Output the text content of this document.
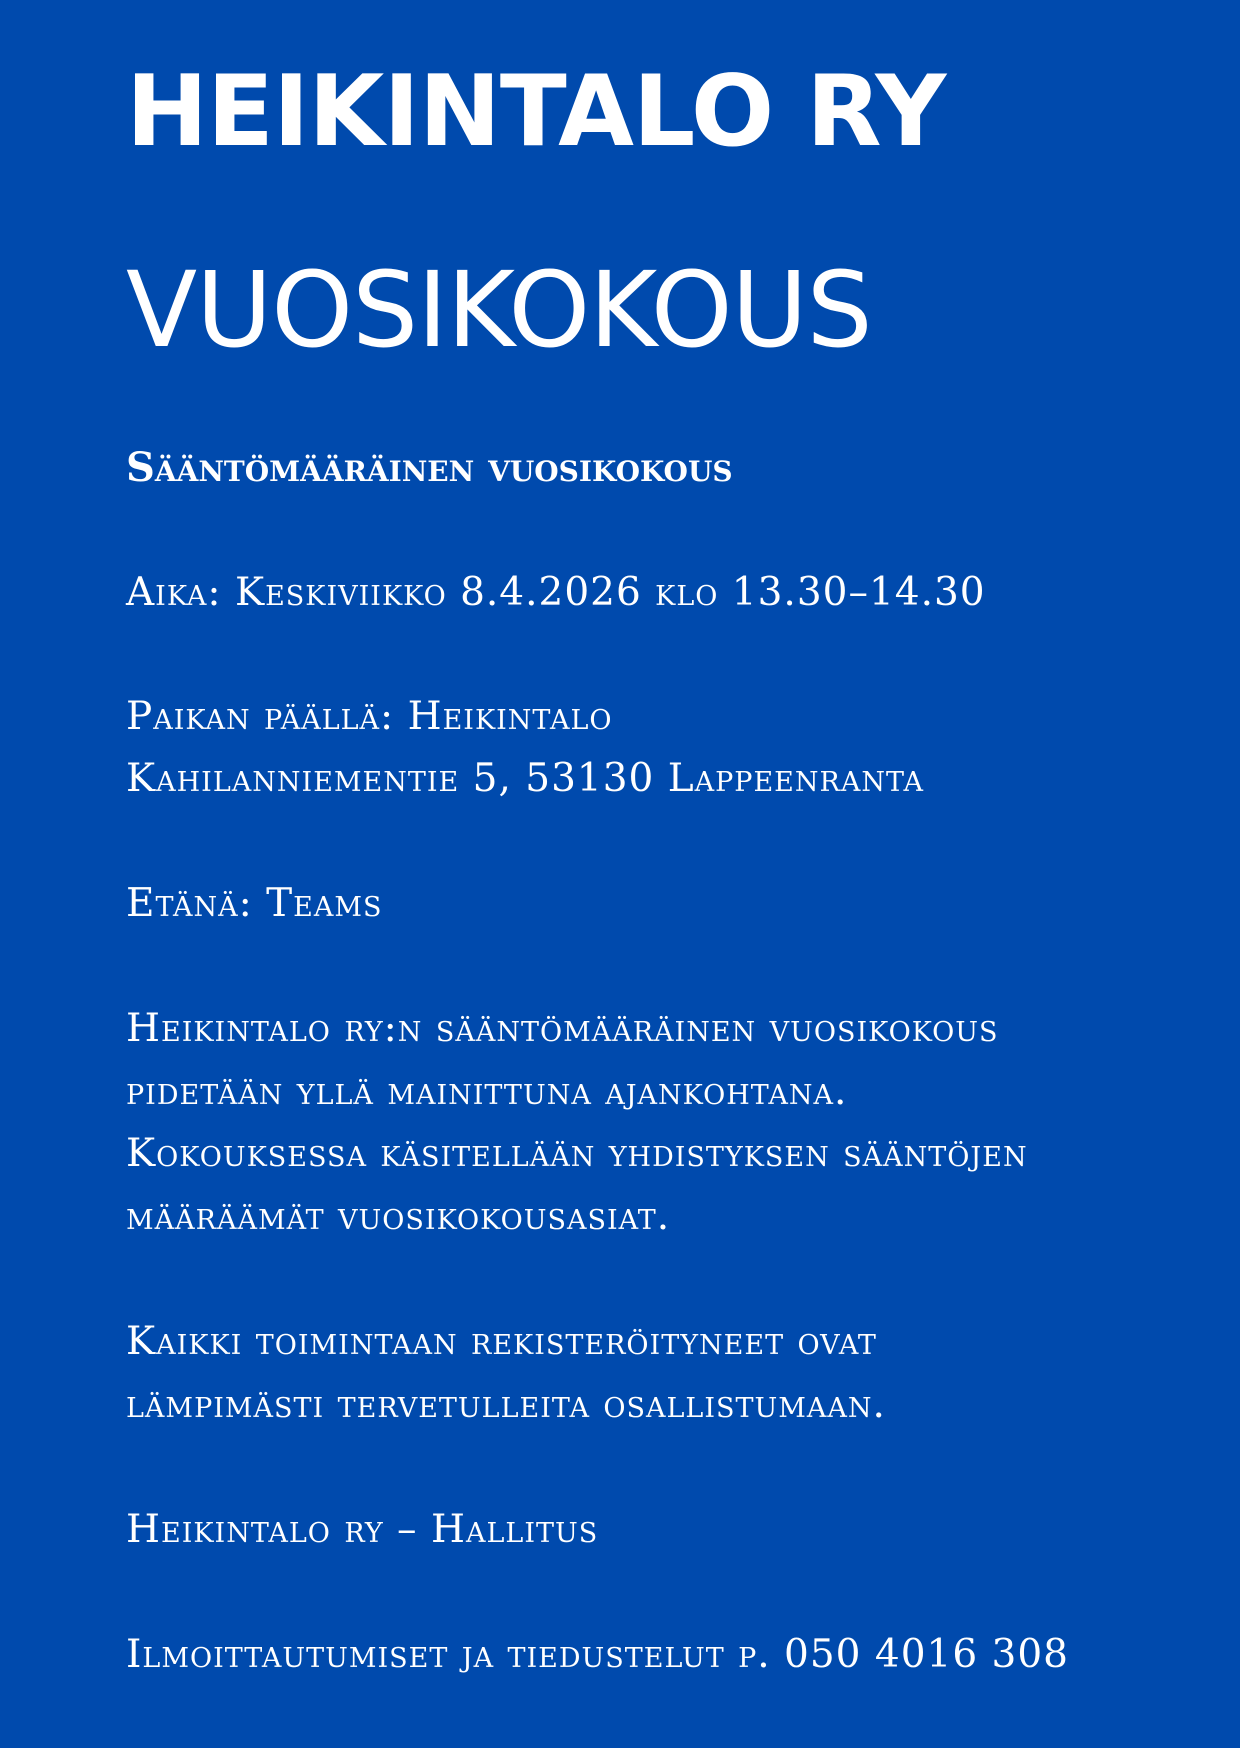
HEIKINTALO RY
VUOSIKOKOUS
Sääntömääräinen vuosikokous

Aika: Keskiviikko 8.4.2026 klo 13.30–14.30

Paikan päällä: Heikintalo

Kahilanniementie 5, 53130 Lappeenranta

Etänä: Teams

Heikintalo ry:n sääntömääräinen vuosikokous
pidetään yllä mainittuna ajankohtana.
Kokouksessa käsitellään yhdistyksen sääntöjen
määräämät vuosikokousasiat.
Kaikki toimintaan rekisteröityneet ovat
lämpimästi tervetulleita osallistumaan.

Heikintalo ry – Hallitus

Ilmoittautumiset ja tiedustelut p. 050 4016 308
